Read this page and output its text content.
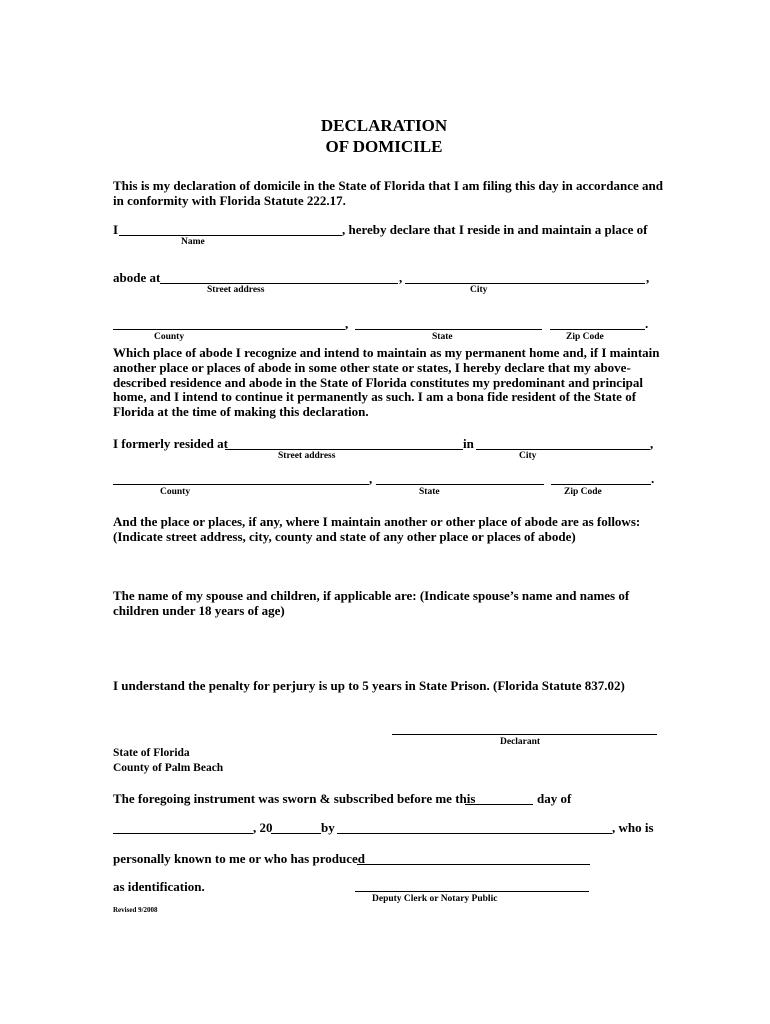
DECLARATION
OF DOMICILE
This is my declaration of domicile in the State of Florida that I am filing this day in accordance and
in conformity with Florida Statute 222.17.
I	, hereby declare that I reside in and maintain a place of
Name
abode at	,	,
Street address	City
,	.
County	State	Zip Code
Which place of abode I recognize and intend to maintain as my permanent home and, if I maintain
another place or places of abode in some other state or states, I hereby declare that my above-
described residence and abode in the State of Florida constitutes my predominant and principal
home, and I intend to continue it permanently as such. I am a bona fide resident of the State of
Florida at the time of making this declaration.
I formerly resided at	in	,
Street address	City
,	.
County	State	Zip Code
And the place or places, if any, where I maintain another or other place of abode are as follows:
(Indicate street address, city, county and state of any other place or places of abode)
The name of my spouse and children, if applicable are: (Indicate spouse’s name and names of
children under 18 years of age)
I understand the penalty for perjury is up to 5 years in State Prison. (Florida Statute 837.02)
Declarant
State of Florida
County of Palm Beach
The foregoing instrument was sworn & subscribed before me this	day of
, 20	by	, who is
personally known to me or who has produced
as identification.
Deputy Clerk or Notary Public
Revised 9/2008
